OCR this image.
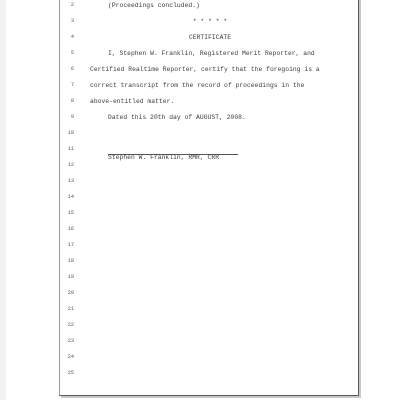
2
3
4
5
6
7
8
9
10
11
12
13
14
15
16
17
18
19
20
21
22
23
24
25
(Proceedings concluded.)
* * * * *
CERTIFICATE
I, Stephen W. Franklin, Registered Merit Reporter, and
Certified Realtime Reporter, certify that the foregoing is a
correct transcript from the record of proceedings in the
above-entitled matter.
Dated this 20th day of AUGUST, 2008.
Stephen W. Franklin, RMR, CRR
